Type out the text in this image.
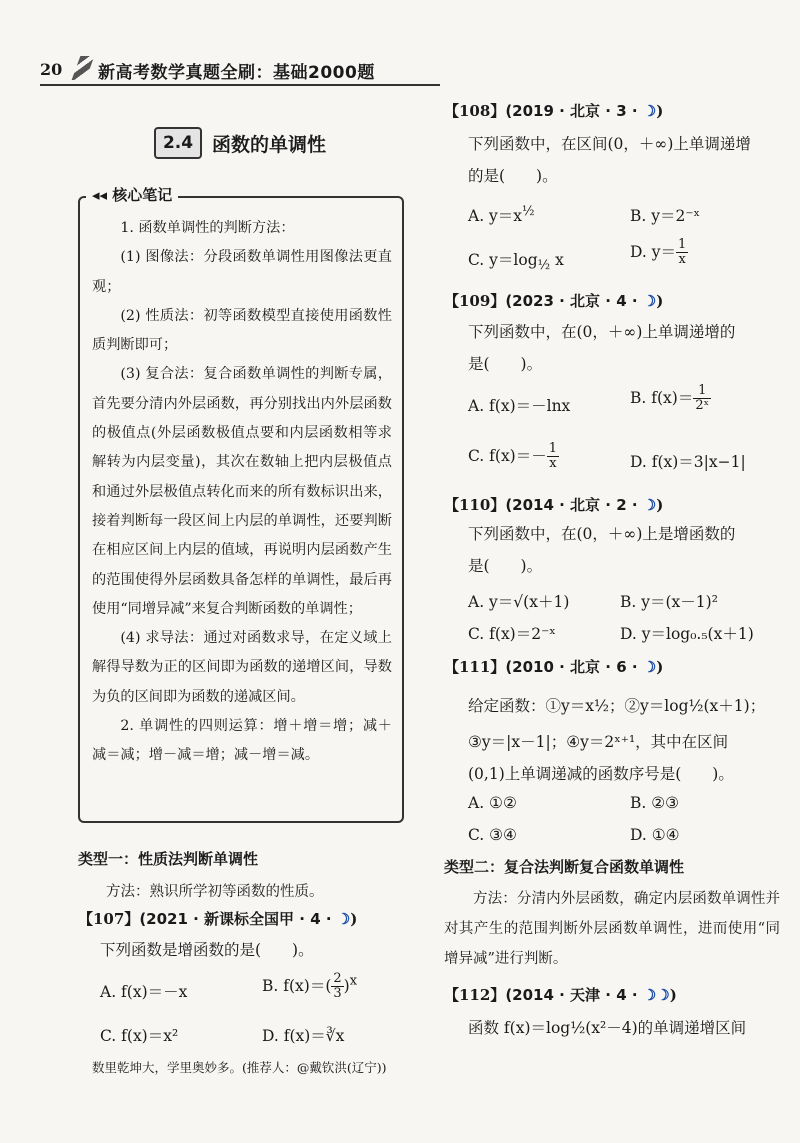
20 新高考数学真题全刷：基础2000题
2.4 函数的单调性
◂◂ 核心笔记

1. 函数单调性的判断方法：

(1) 图像法：分段函数单调性用图像法更直观；

(2) 性质法：初等函数模型直接使用函数性质判断即可；

(3) 复合法：复合函数单调性的判断专属，首先要分清内外层函数，再分别找出内外层函数的极值点(外层函数极值点要和内层函数相等求解转为内层变量)，其次在数轴上把内层极值点和通过外层极值点转化而来的所有数标识出来，接着判断每一段区间上内层的单调性，还要判断在相应区间上内层的值域，再说明内层函数产生的范围使得外层函数具备怎样的单调性，最后再使用“同增异减”来复合判断函数的单调性；

(4) 求导法：通过对函数求导，在定义域上解得导数为正的区间即为函数的递增区间，导数为负的区间即为函数的递减区间。

2. 单调性的四则运算：增＋增＝增；减＋减＝减；增－减＝增；减－增＝减。

类型一：性质法判断单调性
方法：熟识所学初等函数的性质。
【107】(2021 · 新课标全国甲 · 4 · ☽)
下列函数是增函数的是(　　)。
A. f(x)＝－x	B. $f(x)=( \frac{2}{3} )^x$
C. f(x)＝x²	D. f(x)＝∛x
数里乾坤大，学里奥妙多。(推荐人：@戴钦洪(辽宁))
【108】(2019 · 北京 · 3 · ☽)
下列函数中，在区间(0，＋∞)上单调递增
的是(　　)。
A. $y=x^{\frac{1}{2}}$	B. y＝2⁻ˣ
C. $y=\log_{\frac{1}{2}}$ x	D. $y= \frac{1}{x}$
【109】(2023 · 北京 · 4 · ☽)
下列函数中，在(0，＋∞)上单调递增的
是(　　)。
A. f(x)＝－lnx	B. $f(x)= \frac{1}{\text{2ˣ}}$
C. $f(x)=- \frac{1}{x}$	D. f(x)＝3|x−1|
【110】(2014 · 北京 · 2 · ☽)
下列函数中，在(0，＋∞)上是增函数的
是(　　)。
A. y＝√(x＋1)	B. y＝(x－1)²
C. f(x)＝2⁻ˣ	D. y＝log₀.₅(x＋1)
【111】(2010 · 北京 · 6 · ☽)
给定函数：①y＝x½；②y＝log½(x＋1)；
③y＝|x－1|；④y＝2ˣ⁺¹，其中在区间
(0,1)上单调递减的函数序号是(　　)。
A. ①②	B. ②③
C. ③④	D. ①④
类型二：复合法判断复合函数单调性
方法：分清内外层函数，确定内层函数单调性并对其产生的范围判断外层函数单调性，进而使用“同增异减”进行判断。
【112】(2014 · 天津 · 4 · ☽☽)
函数 f(x)＝log½(x²－4)的单调递增区间
